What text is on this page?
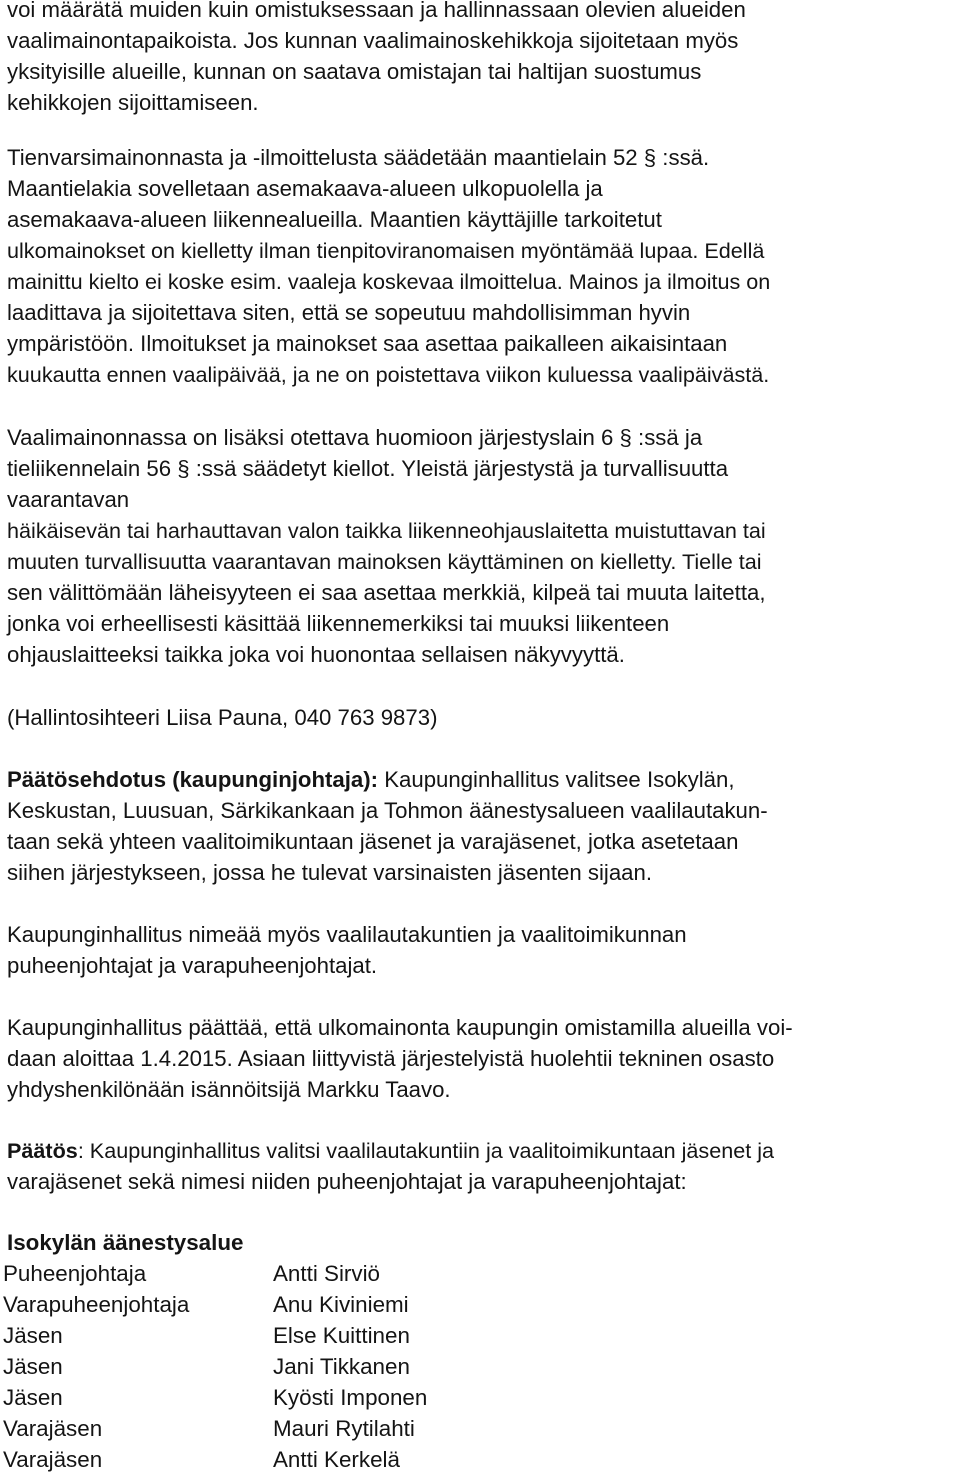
voi määrätä muiden kuin omistuksessaan ja hallinnassaan olevien alueiden
vaalimainontapaikoista. Jos kunnan vaalimainoskehikkoja sijoitetaan myös
yksityisille alueille, kunnan on saatava omistajan tai haltijan suostumus
kehikkojen sijoittamiseen.
Tienvarsimainonnasta ja -ilmoittelusta säädetään maantielain 52 § :ssä.
Maantielakia sovelletaan asemakaava-alueen ulkopuolella ja
asemakaava-alueen liikennealueilla. Maantien käyttäjille tarkoitetut
ulkomainokset on kielletty ilman tienpitoviranomaisen myöntämää lupaa. Edellä
mainittu kielto ei koske esim. vaaleja koskevaa ilmoittelua. Mainos ja ilmoitus on
laadittava ja sijoitettava siten, että se sopeutuu mahdollisimman hyvin
ympäristöön. Ilmoitukset ja mainokset saa asettaa paikalleen aikaisintaan
kuukautta ennen vaalipäivää, ja ne on poistettava viikon kuluessa vaalipäivästä.
Vaalimainonnassa on lisäksi otettava huomioon järjestyslain 6 § :ssä ja
tieliikennelain 56 § :ssä säädetyt kiellot. Yleistä järjestystä ja turvallisuutta
vaarantavan
häikäisevän tai harhauttavan valon taikka liikenneohjauslaitetta muistuttavan tai
muuten turvallisuutta vaarantavan mainoksen käyttäminen on kielletty. Tielle tai
sen välittömään läheisyyteen ei saa asettaa merkkiä, kilpeä tai muuta laitetta,
jonka voi erheellisesti käsittää liikennemerkiksi tai muuksi liikenteen
ohjauslaitteeksi taikka joka voi huonontaa sellaisen näkyvyyttä.
(Hallintosihteeri Liisa Pauna, 040 763 9873)
Päätösehdotus (kaupunginjohtaja): Kaupunginhallitus valitsee Isokylän,
Keskustan, Luusuan, Särkikankaan ja Tohmon äänestysalueen vaalilautakun-
taan sekä yhteen vaalitoimikuntaan jäsenet ja varajäsenet, jotka asetetaan
siihen järjestykseen, jossa he tulevat varsinaisten jäsenten sijaan.
Kaupunginhallitus nimeää myös vaalilautakuntien ja vaalitoimikunnan
puheenjohtajat ja varapuheenjohtajat.
Kaupunginhallitus päättää, että ulkomainonta kaupungin omistamilla alueilla voi-
daan aloittaa 1.4.2015. Asiaan liittyvistä järjestelyistä huolehtii tekninen osasto
yhdyshenkilönään isännöitsijä Markku Taavo.
Päätös: Kaupunginhallitus valitsi vaalilautakuntiin ja vaalitoimikuntaan jäsenet ja
varajäsenet sekä nimesi niiden puheenjohtajat ja varapuheenjohtajat:
Isokylän äänestysalue
Puheenjohtaja	Antti Sirviö
Varapuheenjohtaja	Anu Kiviniemi
Jäsen	Else Kuittinen
Jäsen	Jani Tikkanen
Jäsen	Kyösti Imponen
Varajäsen	Mauri Rytilahti
Varajäsen	Antti Kerkelä
